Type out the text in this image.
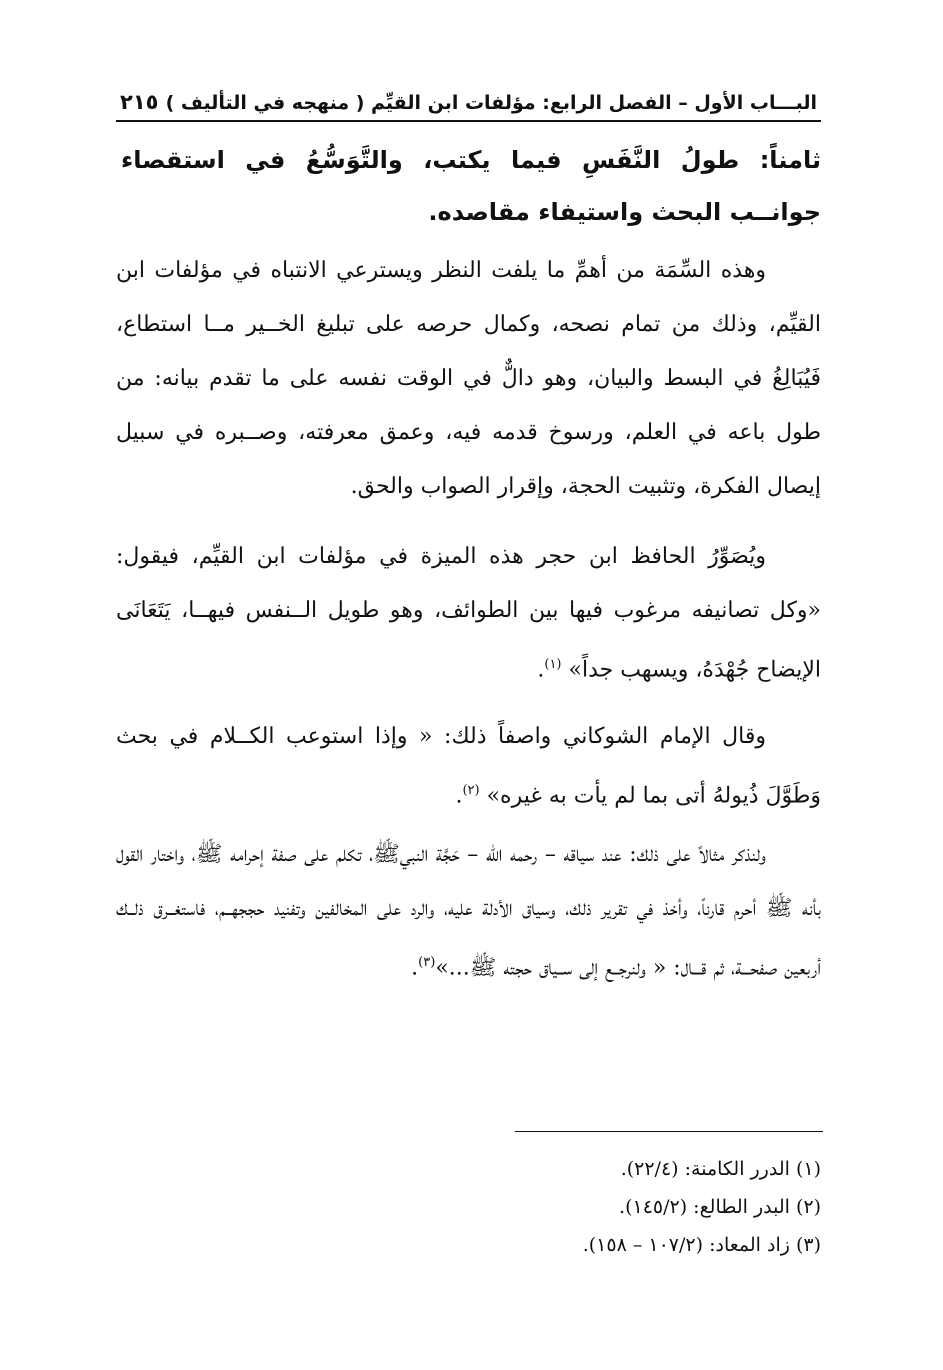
البـــاب الأول – الفصل الرابع: مؤلفات ابن القيِّم ( منهجه في التأليف )
٢١٥
ثامناً: طولُ النَّفَسِ فيما يكتب، والتَّوَسُّعُ في استقصاء جوانــب البحث واستيفاء مقاصده.

وهذه السِّمَة من أهمِّ ما يلفت النظر ويسترعي الانتباه في مؤلفات ابن القيِّم، وذلك من تمام نصحه، وكمال حرصه على تبليغ الخــير مــا استطاع، فَيُبَالِغُ في البسط والبيان، وهو دالٌّ في الوقت نفسه على ما تقدم بيانه: من طول باعه في العلم، ورسوخ قدمه فيه، وعمق معرفته، وصــبره في سبيل إيصال الفكرة، وتثبيت الحجة، وإقرار الصواب والحق.

ويُصَوِّرُ الحافظ ابن حجر هذه الميزة في مؤلفات ابن القيِّم، فيقول: «وكل تصانيفه مرغوب فيها بين الطوائف، وهو طويل الــنفس فيهــا، يَتَعَانَى الإيضاح جُهْدَهُ، ويسهب جداً» $^{(١)}$.

وقال الإمام الشوكاني واصفاً ذلك: « وإذا استوعب الكــلام في بحث وَطَوَّلَ ذُيولهُ أتى بما لم يأت به غيره» $^{(٢)}$.

ولنذكر مثالاً على ذلك: عند سياقه – رحمه الله – حَجَّة النبيﷺ، تكلم على صفة إحرامه ﷺ، واختار القول بأنه ﷺ أحرم قارناً، وأخذ في تقرير ذلك، وسياق الأدلة عليه، والرد على المخالفين وتفنيد حججهــم، فاستغــرق ذلــك أربعين صفحـــة، ثم قـــال: « ولنرجــع إلى ســياق حجته ﷺ...»$^{(٣)}$.

(١) الدرر الكامنة: (٢٢/٤).
(٢) البدر الطالع: (١٤٥/٢).
(٣) زاد المعاد: (١٠٧/٢ – ١٥٨).
